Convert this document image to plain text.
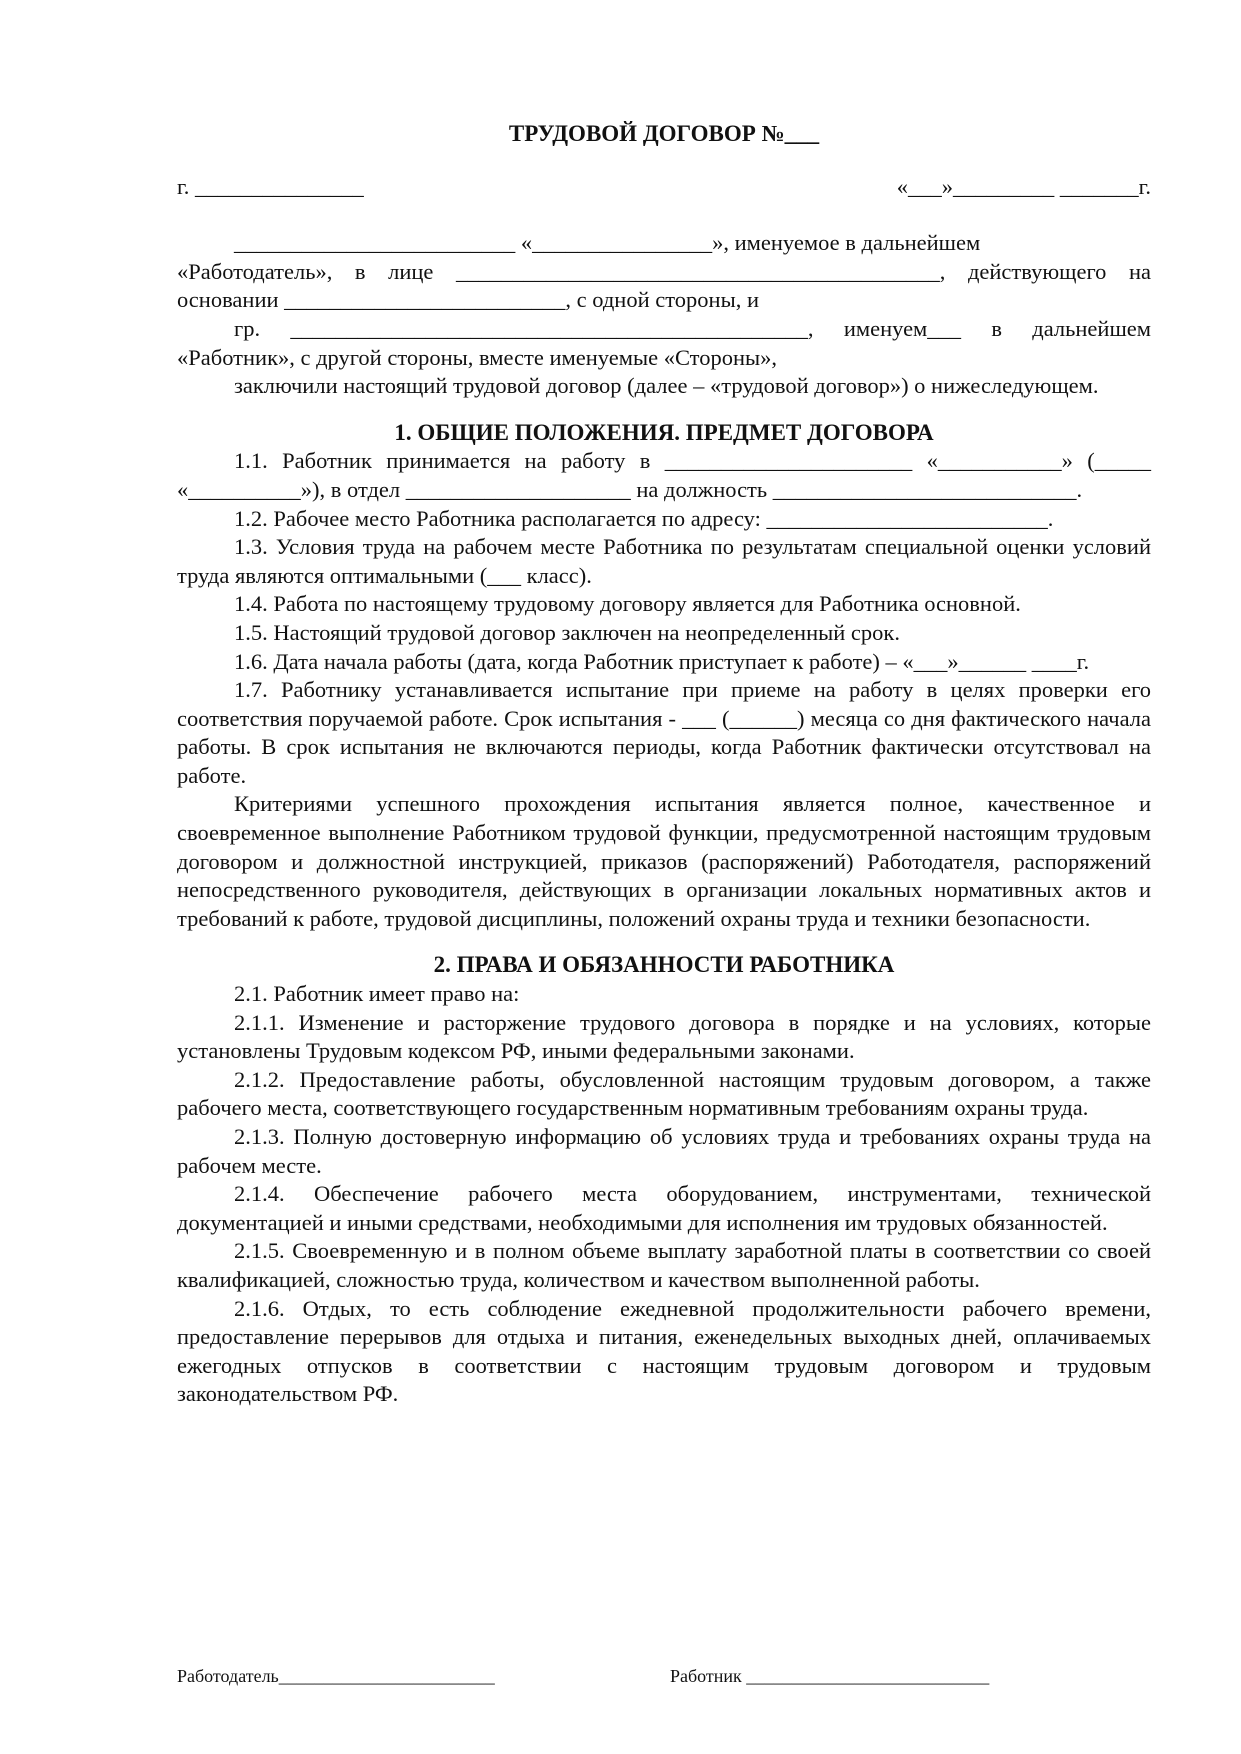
ТРУДОВОЙ ДОГОВОР №___
г. _______________	«___»_________ _______г.

_________________________ «________________», именуемое в дальнейшем

«Работодатель», в лице ___________________________________________, действующего на основании _________________________, с одной стороны, и

гр. ______________________________________________, именуем___ в дальнейшем «Работник», с другой стороны, вместе именуемые «Стороны»,

заключили настоящий трудовой договор (далее – «трудовой договор») о нижеследующем.

1. ОБЩИЕ ПОЛОЖЕНИЯ. ПРЕДМЕТ ДОГОВОРА

1.1. Работник принимается на работу в ______________________ «___________» (_____ «__________»), в отдел ____________________ на должность ___________________________.

1.2. Рабочее место Работника располагается по адресу: _________________________.

1.3. Условия труда на рабочем месте Работника по результатам специальной оценки условий труда являются оптимальными (___ класс).

1.4. Работа по настоящему трудовому договору является для Работника основной.

1.5. Настоящий трудовой договор заключен на неопределенный срок.

1.6. Дата начала работы (дата, когда Работник приступает к работе) – «___»______ ____г.

1.7. Работнику устанавливается испытание при приеме на работу в целях проверки его соответствия поручаемой работе. Срок испытания - ___ (______) месяца со дня фактического начала работы. В срок испытания не включаются периоды, когда Работник фактически отсутствовал на работе.

Критериями успешного прохождения испытания является полное, качественное и своевременное выполнение Работником трудовой функции, предусмотренной настоящим трудовым договором и должностной инструкцией, приказов (распоряжений) Работодателя, распоряжений непосредственного руководителя, действующих в организации локальных нормативных актов и требований к работе, трудовой дисциплины, положений охраны труда и техники безопасности.

2. ПРАВА И ОБЯЗАННОСТИ РАБОТНИКА

2.1. Работник имеет право на:

2.1.1. Изменение и расторжение трудового договора в порядке и на условиях, которые установлены Трудовым кодексом РФ, иными федеральными законами.

2.1.2. Предоставление работы, обусловленной настоящим трудовым договором, а также рабочего места, соответствующего государственным нормативным требованиям охраны труда.

2.1.3. Полную достоверную информацию об условиях труда и требованиях охраны труда на рабочем месте.

2.1.4. Обеспечение рабочего места оборудованием, инструментами, технической документацией и иными средствами, необходимыми для исполнения им трудовых обязанностей.

2.1.5. Своевременную и в полном объеме выплату заработной платы в соответствии со своей квалификацией, сложностью труда, количеством и качеством выполненной работы.

2.1.6. Отдых, то есть соблюдение ежедневной продолжительности рабочего времени, предоставление перерывов для отдыха и питания, еженедельных выходных дней, оплачиваемых ежегодных отпусков в соответствии с настоящим трудовым договором и трудовым законодательством РФ.

Работодатель________________________	Работник ___________________________
